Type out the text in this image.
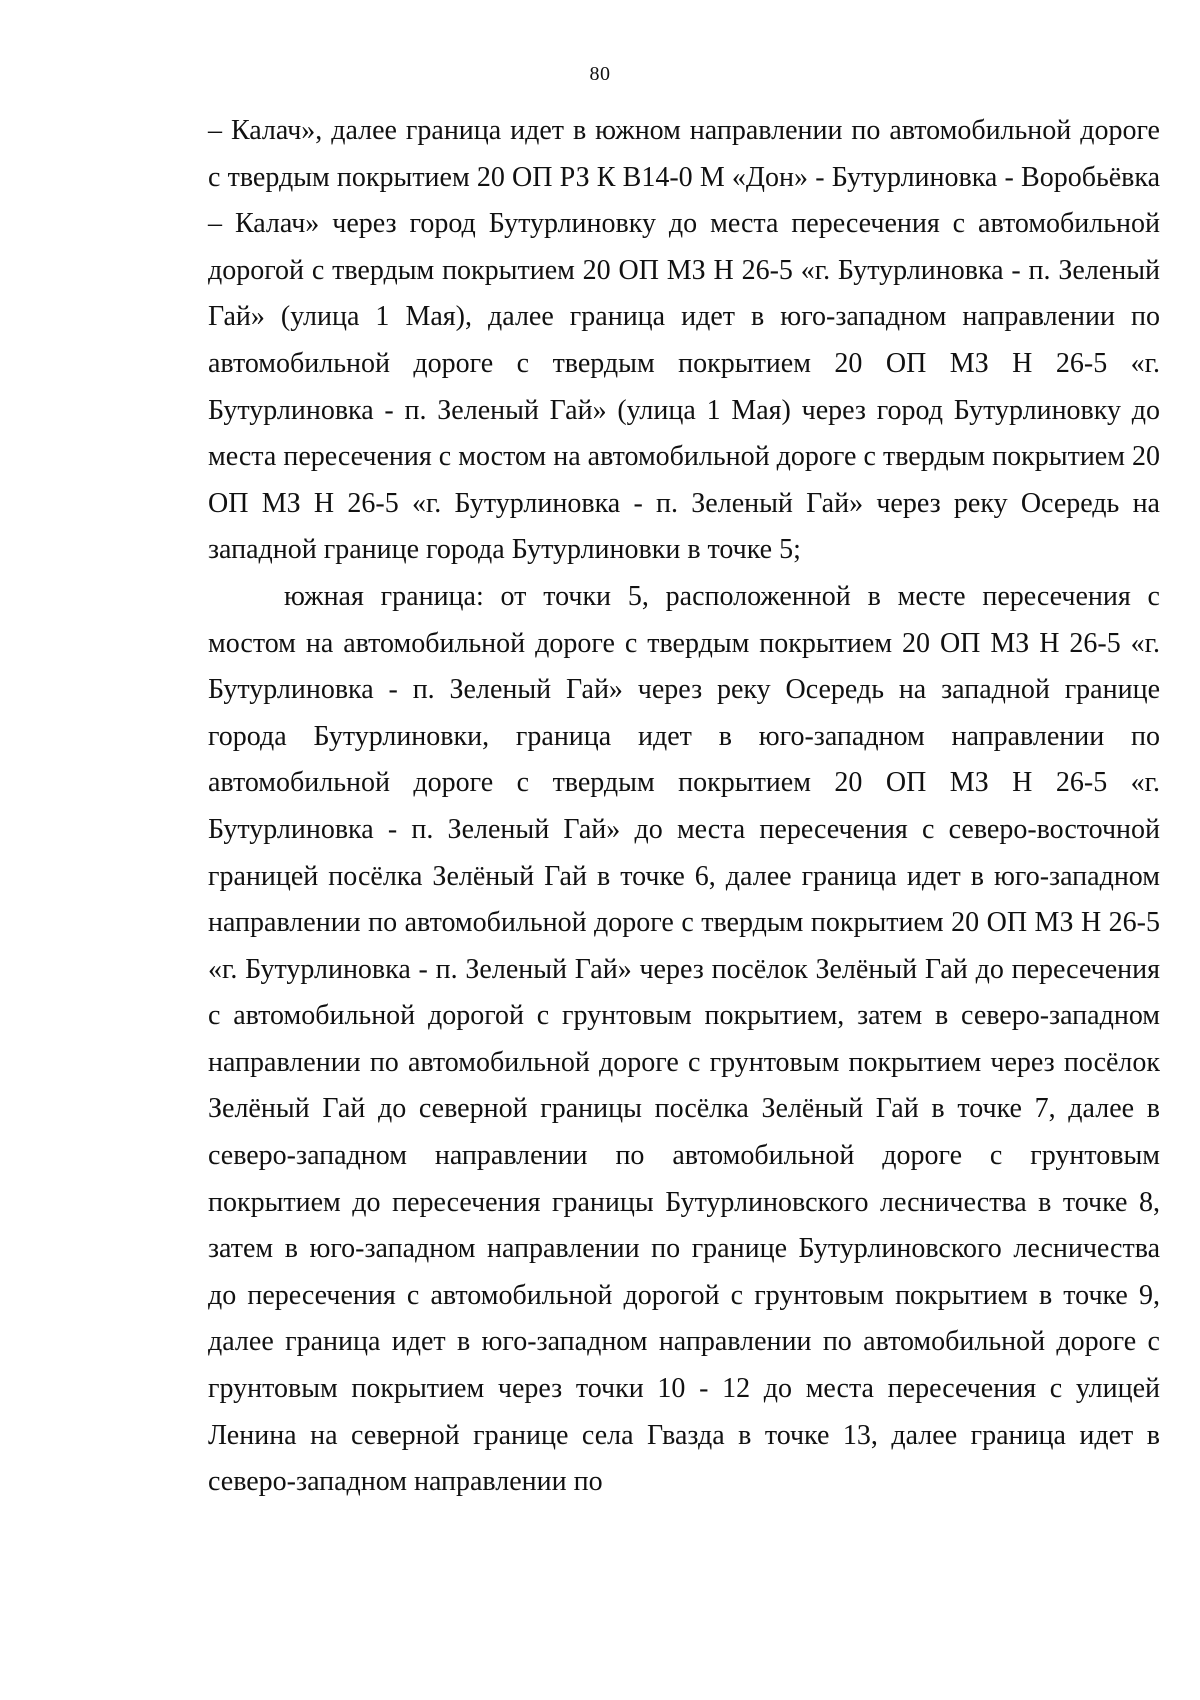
80

– Калач», далее граница идет в южном направлении по автомобильной дороге с твердым покрытием 20 ОП РЗ К В14-0 М «Дон» - Бутурлиновка - Воробьёвка – Калач» через город Бутурлиновку до места пересечения с автомобильной дорогой с твердым покрытием 20 ОП МЗ Н 26-5 «г. Бутурлиновка - п. Зеленый Гай» (улица 1 Мая), далее граница идет в юго-западном направлении по автомобильной дороге с твердым покрытием 20 ОП МЗ Н 26-5 «г. Бутурлиновка - п. Зеленый Гай» (улица 1 Мая) через город Бутурлиновку до места пересечения с мостом на автомобильной дороге с твердым покрытием 20 ОП МЗ Н 26-5 «г. Бутурлиновка - п. Зеленый Гай» через реку Осередь на западной границе города Бутурлиновки в точке 5;

южная граница: от точки 5, расположенной в месте пересечения с мостом на автомобильной дороге с твердым покрытием 20 ОП МЗ Н 26-5 «г. Бутурлиновка - п. Зеленый Гай» через реку Осередь на западной границе города Бутурлиновки, граница идет в юго-западном направлении по автомобильной дороге с твердым покрытием 20 ОП МЗ Н 26-5 «г. Бутурлиновка - п. Зеленый Гай» до места пересечения с северо-восточной границей посёлка Зелёный Гай в точке 6, далее граница идет в юго-западном направлении по автомобильной дороге с твердым покрытием 20 ОП МЗ Н 26-5 «г. Бутурлиновка - п. Зеленый Гай» через посёлок Зелёный Гай до пересечения с автомобильной дорогой с грунтовым покрытием, затем в северо-западном направлении по автомобильной дороге с грунтовым покрытием через посёлок Зелёный Гай до северной границы посёлка Зелёный Гай в точке 7, далее в северо-западном направлении по автомобильной дороге с грунтовым покрытием до пересечения границы Бутурлиновского лесничества в точке 8, затем в юго-западном направлении по границе Бутурлиновского лесничества до пересечения с автомобильной дорогой с грунтовым покрытием в точке 9, далее граница идет в юго-западном направлении по автомобильной дороге с грунтовым покрытием через точки 10 - 12 до места пересечения с улицей Ленина на северной границе села Гвазда в точке 13, далее граница идет в северо-западном направлении по
